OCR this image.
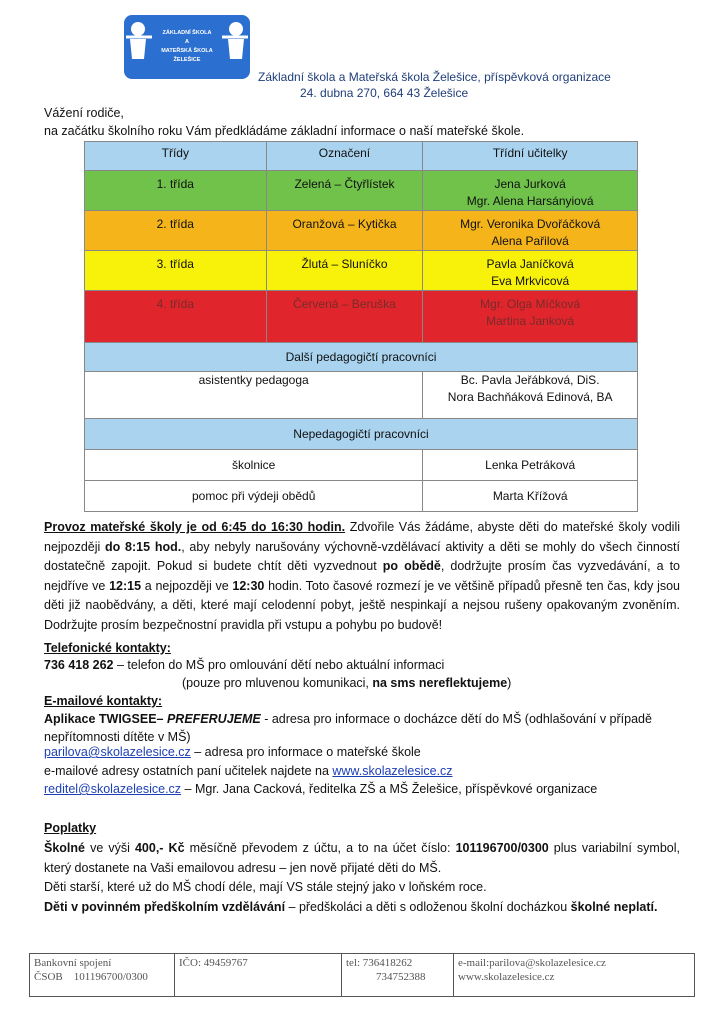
ZÁKLADNÍ ŠKOLA
A
MATEŘSKÁ ŠKOLA
ŽELEŠICE
Základní škola a Mateřská škola Želešice, příspěvková organizace
24. dubna 270, 664 43 Želešice
Vážení rodiče,
na začátku školního roku Vám předkládáme základní informace o naší mateřské škole.
Třídy	Označení	Třídní učitelky
1. třída	Zelená – Čtyřlístek	Jena Jurková
Mgr. Alena Harsányiová

2. třída	Oranžová – Kytička	Mgr. Veronika Dvořáčková
Alena Pařilová

3. třída	Žlutá – Sluníčko	Pavla Janíčková
Eva Mrkvicová

4. třída	Červená – Beruška	Mgr. Olga Míčková
Martina Janková

Další pedagogičtí pracovníci		
asistentky pedagoga		Bc. Pavla Jeřábková, DiS.
Nora Bachňáková Edinová, BA

Nepedagogičtí pracovníci		
školnice		Lenka Petráková
pomoc při výdeji obědů		Marta Křížová
Provoz mateřské školy je od 6:45 do 16:30 hodin. Zdvořile Vás žádáme, abyste děti do mateřské školy vodili nejpozději do 8:15 hod., aby nebyly narušovány výchovně-vzdělávací aktivity a děti se mohly do všech činností dostatečně zapojit. Pokud si budete chtít děti vyzvednout po obědě, dodržujte prosím čas vyzvedávání, a to nejdříve ve 12:15 a nejpozději ve 12:30 hodin. Toto časové rozmezí je ve většině případů přesně ten čas, kdy jsou děti již naobědvány, a děti, které mají celodenní pobyt, ještě nespinkají a nejsou rušeny opakovaným zvoněním. Dodržujte prosím bezpečnostní pravidla při vstupu a pohybu po budově!
Telefonické kontakty:
736 418 262 – telefon do MŠ pro omlouvání dětí nebo aktuální informaci
(pouze pro mluvenou komunikaci, na sms nereflektujeme)
E-mailové kontakty:
Aplikace TWIGSEE– PREFERUJEME - adresa pro informace o docházce dětí do MŠ (odhlašování v případě nepřítomnosti dítěte v MŠ)
parilova@skolazelesice.cz – adresa pro informace o mateřské škole
e-mailové adresy ostatních paní učitelek najdete na www.skolazelesice.cz
reditel@skolazelesice.cz – Mgr. Jana Cacková, ředitelka ZŠ a MŠ Želešice, příspěvkové organizace
Poplatky
Školné ve výši 400,- Kč měsíčně převodem z účtu, a to na účet číslo: 101196700/0300 plus variabilní symbol, který dostanete na Vaši emailovou adresu – jen nově přijaté děti do MŠ.
Děti starší, které už do MŠ chodí déle, mají VS stále stejný jako v loňském roce.
Děti v povinném předškolním vzdělávání – předškoláci a děti s odloženou školní docházkou školné neplatí.
Bankovní spojení
ČSOB    101196700/0300
IČO: 49459767	tel: 736418262
734752388
e-mail:parilova@skolazelesice.cz
www.skolazelesice.cz
